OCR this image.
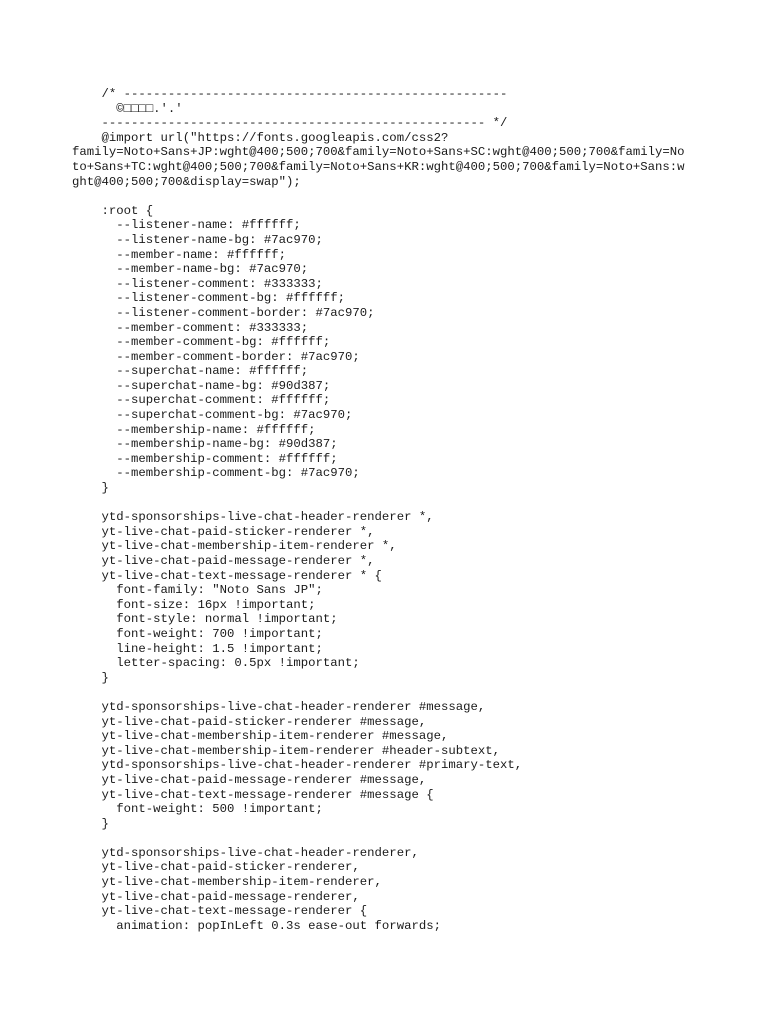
/* ----------------------------------------------------
©□□□□.′.′
---------------------------------------------------- */
@import url("https://fonts.googleapis.com/css2?
family=Noto+Sans+JP:wght@400;500;700&family=Noto+Sans+SC:wght@400;500;700&family=No
to+Sans+TC:wght@400;500;700&family=Noto+Sans+KR:wght@400;500;700&family=Noto+Sans:w
ght@400;500;700&display=swap");
:root {
--listener-name: #ffffff;
--listener-name-bg: #7ac970;
--member-name: #ffffff;
--member-name-bg: #7ac970;
--listener-comment: #333333;
--listener-comment-bg: #ffffff;
--listener-comment-border: #7ac970;
--member-comment: #333333;
--member-comment-bg: #ffffff;
--member-comment-border: #7ac970;
--superchat-name: #ffffff;
--superchat-name-bg: #90d387;
--superchat-comment: #ffffff;
--superchat-comment-bg: #7ac970;
--membership-name: #ffffff;
--membership-name-bg: #90d387;
--membership-comment: #ffffff;
--membership-comment-bg: #7ac970;
}
ytd-sponsorships-live-chat-header-renderer *,
yt-live-chat-paid-sticker-renderer *,
yt-live-chat-membership-item-renderer *,
yt-live-chat-paid-message-renderer *,
yt-live-chat-text-message-renderer * {
font-family: "Noto Sans JP";
font-size: 16px !important;
font-style: normal !important;
font-weight: 700 !important;
line-height: 1.5 !important;
letter-spacing: 0.5px !important;
}
ytd-sponsorships-live-chat-header-renderer #message,
yt-live-chat-paid-sticker-renderer #message,
yt-live-chat-membership-item-renderer #message,
yt-live-chat-membership-item-renderer #header-subtext,
ytd-sponsorships-live-chat-header-renderer #primary-text,
yt-live-chat-paid-message-renderer #message,
yt-live-chat-text-message-renderer #message {
font-weight: 500 !important;
}
ytd-sponsorships-live-chat-header-renderer,
yt-live-chat-paid-sticker-renderer,
yt-live-chat-membership-item-renderer,
yt-live-chat-paid-message-renderer,
yt-live-chat-text-message-renderer {
animation: popInLeft 0.3s ease-out forwards;
